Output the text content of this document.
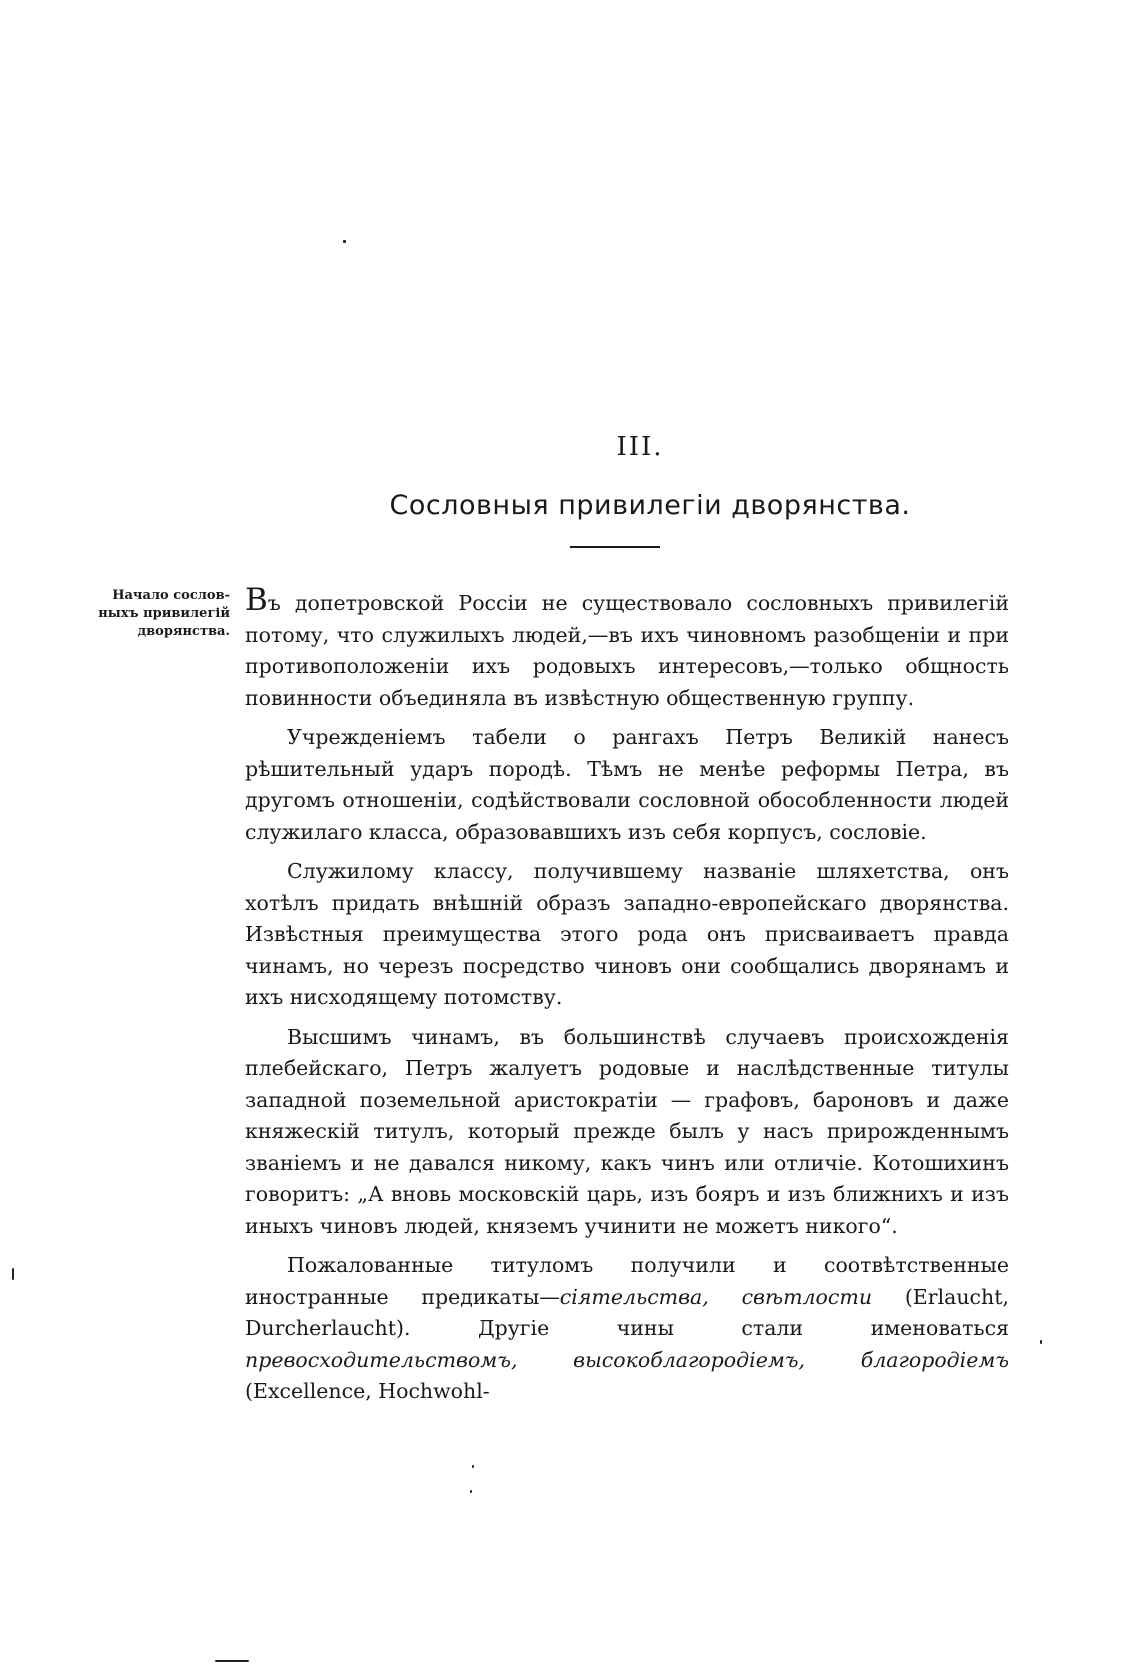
III.
Сословныя привилегіи дворянства.
Начало сослов-
ныхъ привилегій
дворянства.

Въ допетровской Россіи не существовало сословныхъ привилегій потому, что служилыхъ людей,—въ ихъ чиновномъ разобщеніи и при противоположеніи ихъ родовыхъ интересовъ,—только общность повинности объединяла въ извѣстную общественную группу.

Учрежденіемъ табели о рангахъ Петръ Великій нанесъ рѣшительный ударъ породѣ. Тѣмъ не менѣе реформы Петра, въ другомъ отношеніи, содѣйствовали сословной обособленности людей служилаго класса, образовавшихъ изъ себя корпусъ, сословіе.

Служилому классу, получившему названіе шляхетства, онъ хотѣлъ придать внѣшній образъ западно-европейскаго дворянства. Извѣстныя преимущества этого рода онъ присваиваетъ правда чинамъ, но черезъ посредство чиновъ они сообщались дворянамъ и ихъ нисходящему потомству.

Высшимъ чинамъ, въ большинствѣ случаевъ происхожденія плебейскаго, Петръ жалуетъ родовые и наслѣдственные титулы западной поземельной аристократіи — графовъ, бароновъ и даже княжескій титулъ, который прежде былъ у насъ прирожденнымъ званіемъ и не давался никому, какъ чинъ или отличіе. Котошихинъ говоритъ: „А вновь московскій царь, изъ бояръ и изъ ближнихъ и изъ иныхъ чиновъ людей, княземъ учинити не можетъ никого“.

Пожалованные титуломъ получили и соотвѣтственные иностранные предикаты—сіятельства, свѣтлости (Erlaucht, Durcherlaucht). Другіе чины стали именоваться превосходительствомъ, высокоблагородіемъ, благородіемъ (Excellence, Hochwohl-
